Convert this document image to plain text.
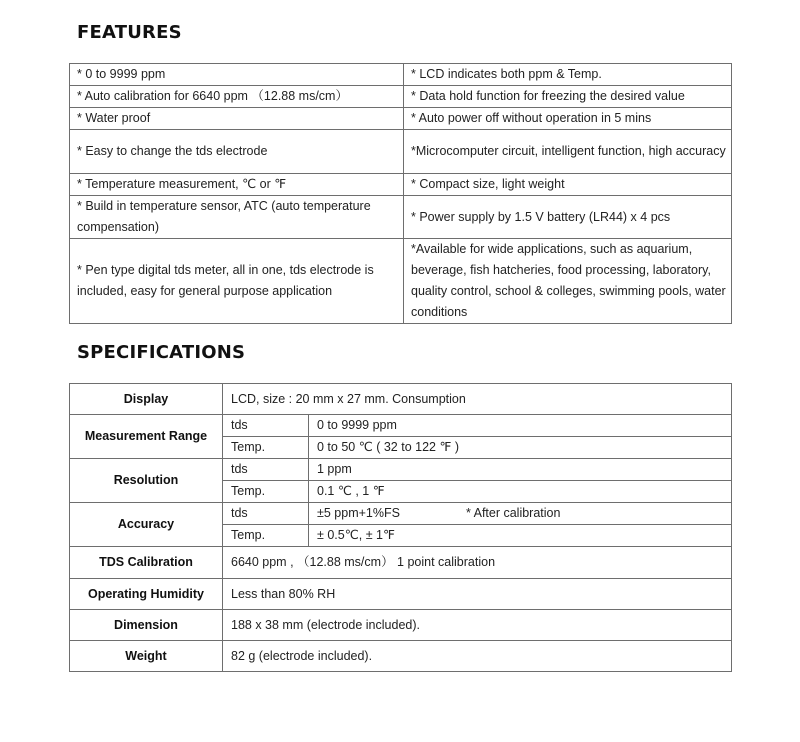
FEATURES
* 0 to 9999 ppm	* LCD indicates both ppm & Temp.
* Auto calibration for 6640 ppm （12.88 ms/cm）	* Data hold function for freezing the desired value
* Water proof	* Auto power off without operation in 5 mins
* Easy to change the tds electrode	*Microcomputer circuit, intelligent function, high accuracy
* Temperature measurement, ℃ or ℉	* Compact size, light weight
* Build in temperature sensor, ATC (auto temperature compensation)	* Power supply by 1.5 V battery (LR44) x 4 pcs
* Pen type digital tds meter, all in one, tds electrode is included, easy for general purpose application	*Available for wide applications, such as aquarium, beverage, fish hatcheries, food processing, laboratory, quality control, school & colleges, swimming pools, water conditions
SPECIFICATIONS
Display	LCD, size : 20 mm x 27 mm. Consumption	
Measurement Range	tds	0 to 9999 ppm
	Temp.	0 to 50 ℃ ( 32 to 122 ℉ )
Resolution	tds	1 ppm
	Temp.	0.1 ℃ , 1 ℉
Accuracy	tds	±5 ppm+1%FS * After calibration
	Temp.	± 0.5℃, ± 1℉
TDS Calibration	6640 ppm , （12.88 ms/cm） 1 point calibration	
Operating Humidity	Less than 80% RH	
Dimension	188 x 38 mm (electrode included).	
Weight	82 g (electrode included).	
